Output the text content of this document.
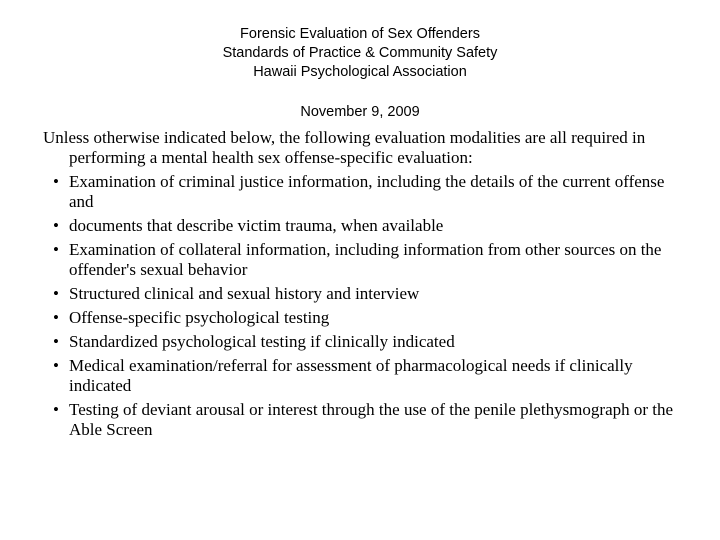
Forensic Evaluation of Sex Offenders
Standards of Practice & Community Safety
Hawaii Psychological Association
November 9, 2009

Unless otherwise indicated below, the following evaluation modalities are all required in performing a mental health sex offense-specific evaluation:

• Examination of criminal justice information, including the details of the current offense and
• documents that describe victim trauma, when available
• Examination of collateral information, including information from other sources on the offender's sexual behavior
• Structured clinical and sexual history and interview
• Offense-specific psychological testing
• Standardized psychological testing if clinically indicated
• Medical examination/referral for assessment of pharmacological needs if clinically indicated
• Testing of deviant arousal or interest through the use of the penile plethysmograph or the Able Screen
